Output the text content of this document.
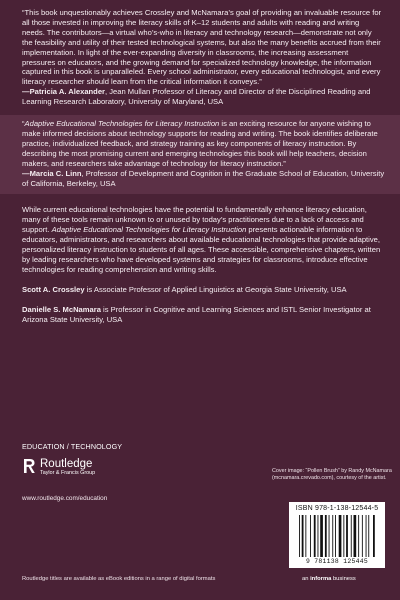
“This book unquestionably achieves Crossley and McNamara’s goal of providing an invaluable resource for all those invested in improving the literacy skills of K–12 students and adults with reading and writing needs. The contributors—a virtual who’s-who in literacy and technology research—demonstrate not only the feasibility and utility of their tested technological systems, but also the many benefits accrued from their implementation. In light of the ever-expanding diversity in classrooms, the increasing assessment pressures on educators, and the growing demand for specialized technology knowledge, the information captured in this book is unparalleled. Every school administrator, every educational technologist, and every literacy researcher should learn from the critical information it conveys.”
—Patricia A. Alexander, Jean Mullan Professor of Literacy and Director of the Disciplined Reading and Learning Research Laboratory, University of Maryland, USA
“Adaptive Educational Technologies for Literacy Instruction is an exciting resource for anyone wishing to make informed decisions about technology supports for reading and writing. The book identifies deliberate practice, individualized feedback, and strategy training as key components of literacy instruction. By describing the most promising current and emerging technologies this book will help teachers, decision makers, and researchers take advantage of technology for literacy instruction.”
—Marcia C. Linn, Professor of Development and Cognition in the Graduate School of Education, University of California, Berkeley, USA
While current educational technologies have the potential to fundamentally enhance literacy education, many of these tools remain unknown to or unused by today’s practitioners due to a lack of access and support. Adaptive Educational Technologies for Literacy Instruction presents actionable information to educators, administrators, and researchers about available educational technologies that provide adaptive, personalized literacy instruction to students of all ages. These accessible, comprehensive chapters, written by leading researchers who have developed systems and strategies for classrooms, introduce effective technologies for reading comprehension and writing skills.
Scott A. Crossley is Associate Professor of Applied Linguistics at Georgia State University, USA
Danielle S. McNamara is Professor in Cognitive and Learning Sciences and ISTL Senior Investigator at Arizona State University, USA
EDUCATION / TECHNOLOGY
Routledge
Taylor & Francis Group
www.routledge.com/education
Cover image: “Pollen Brush” by Randy McNamara
(mcnamara.crevado.com), courtesy of the artist.
ISBN 978-1-138-12544-5
9 781138 125445
Routledge titles are available as eBook editions in a range of digital formats	an informa business
